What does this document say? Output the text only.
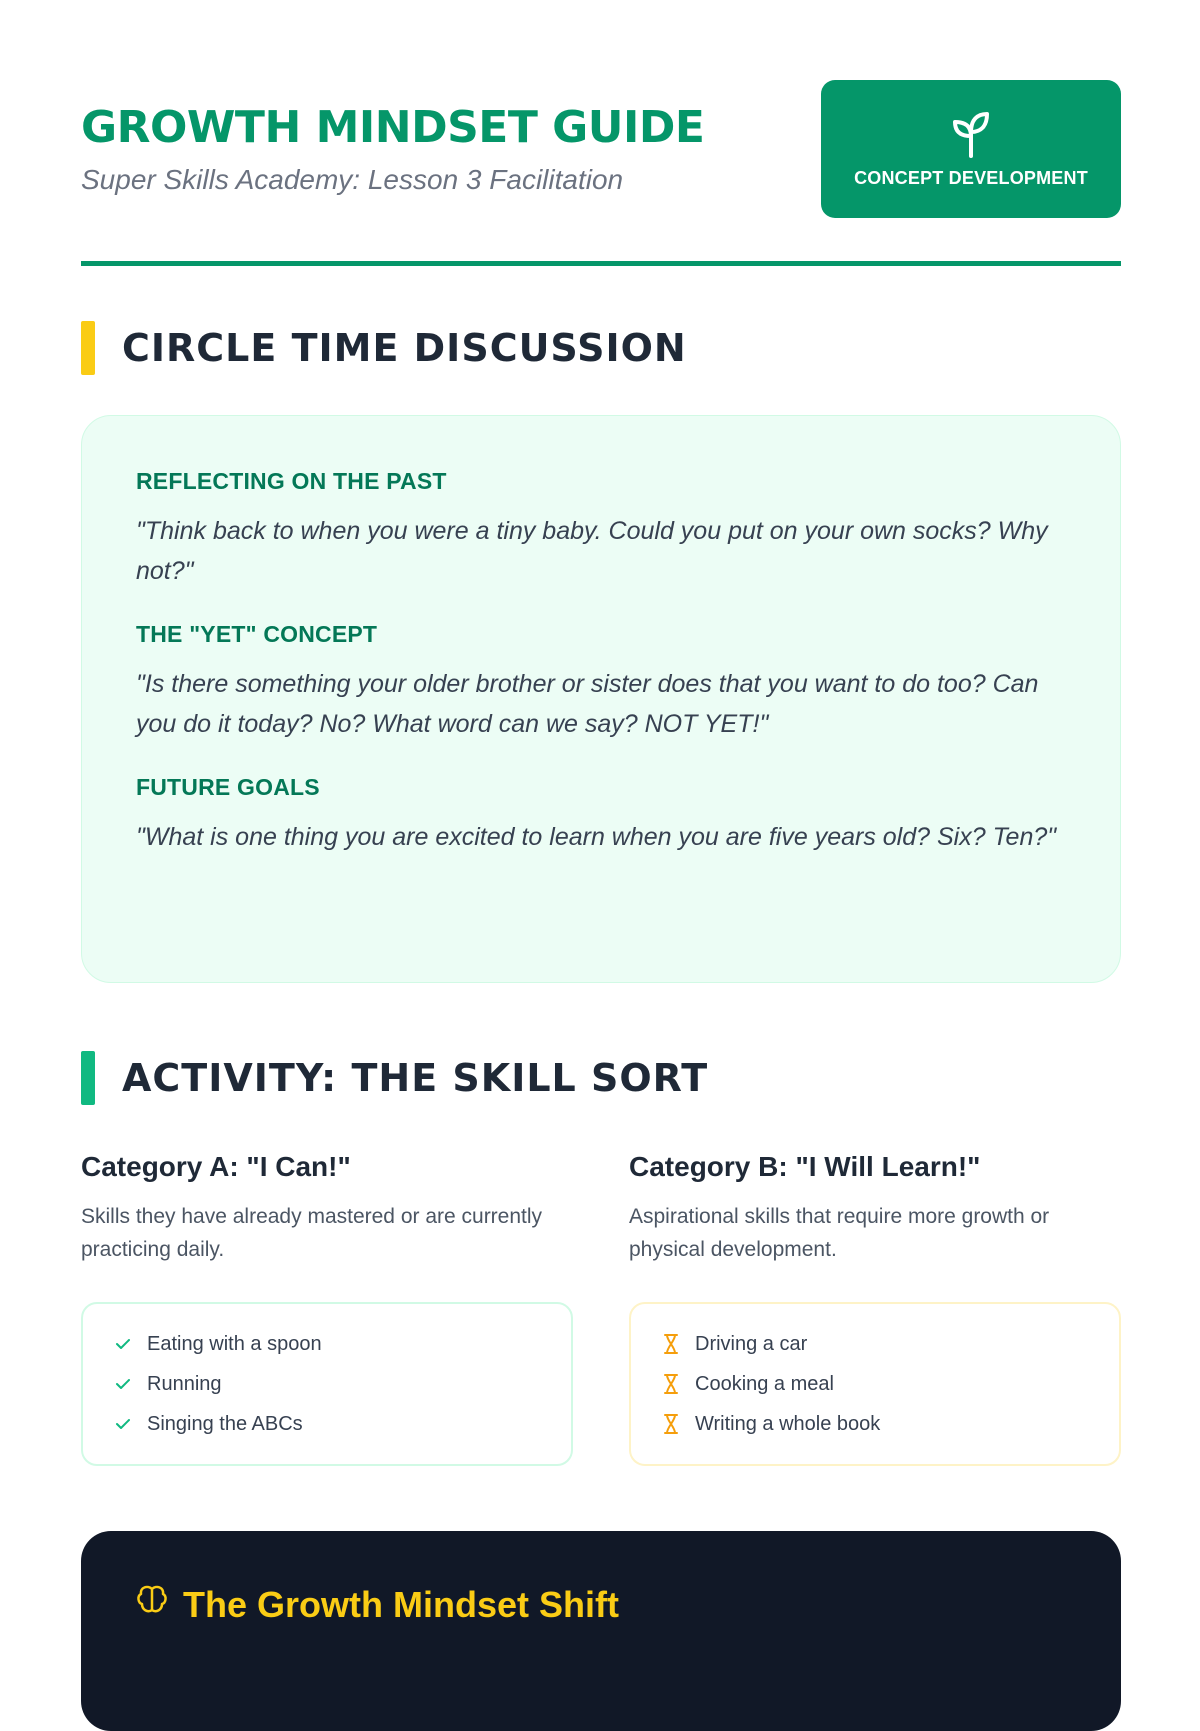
GROWTH MINDSET GUIDE
Super Skills Academy: Lesson 3 Facilitation	CONCEPT DEVELOPMENT
CIRCLE TIME DISCUSSION
REFLECTING ON THE PAST
"Think back to when you were a tiny baby. Could you put on your own socks? Why not?"
THE "YET" CONCEPT
"Is there something your older brother or sister does that you want to do too? Can you do it today? No? What word can we say? NOT YET!"
FUTURE GOALS
"What is one thing you are excited to learn when you are five years old? Six? Ten?"
ACTIVITY: THE SKILL SORT
Category A: "I Can!"
Skills they have already mastered or are currently practicing daily.
Eating with a spoon
Running
Singing the ABCs
Category B: "I Will Learn!"
Aspirational skills that require more growth or physical development.
Driving a car
Cooking a meal
Writing a whole book
The Growth Mindset Shift
